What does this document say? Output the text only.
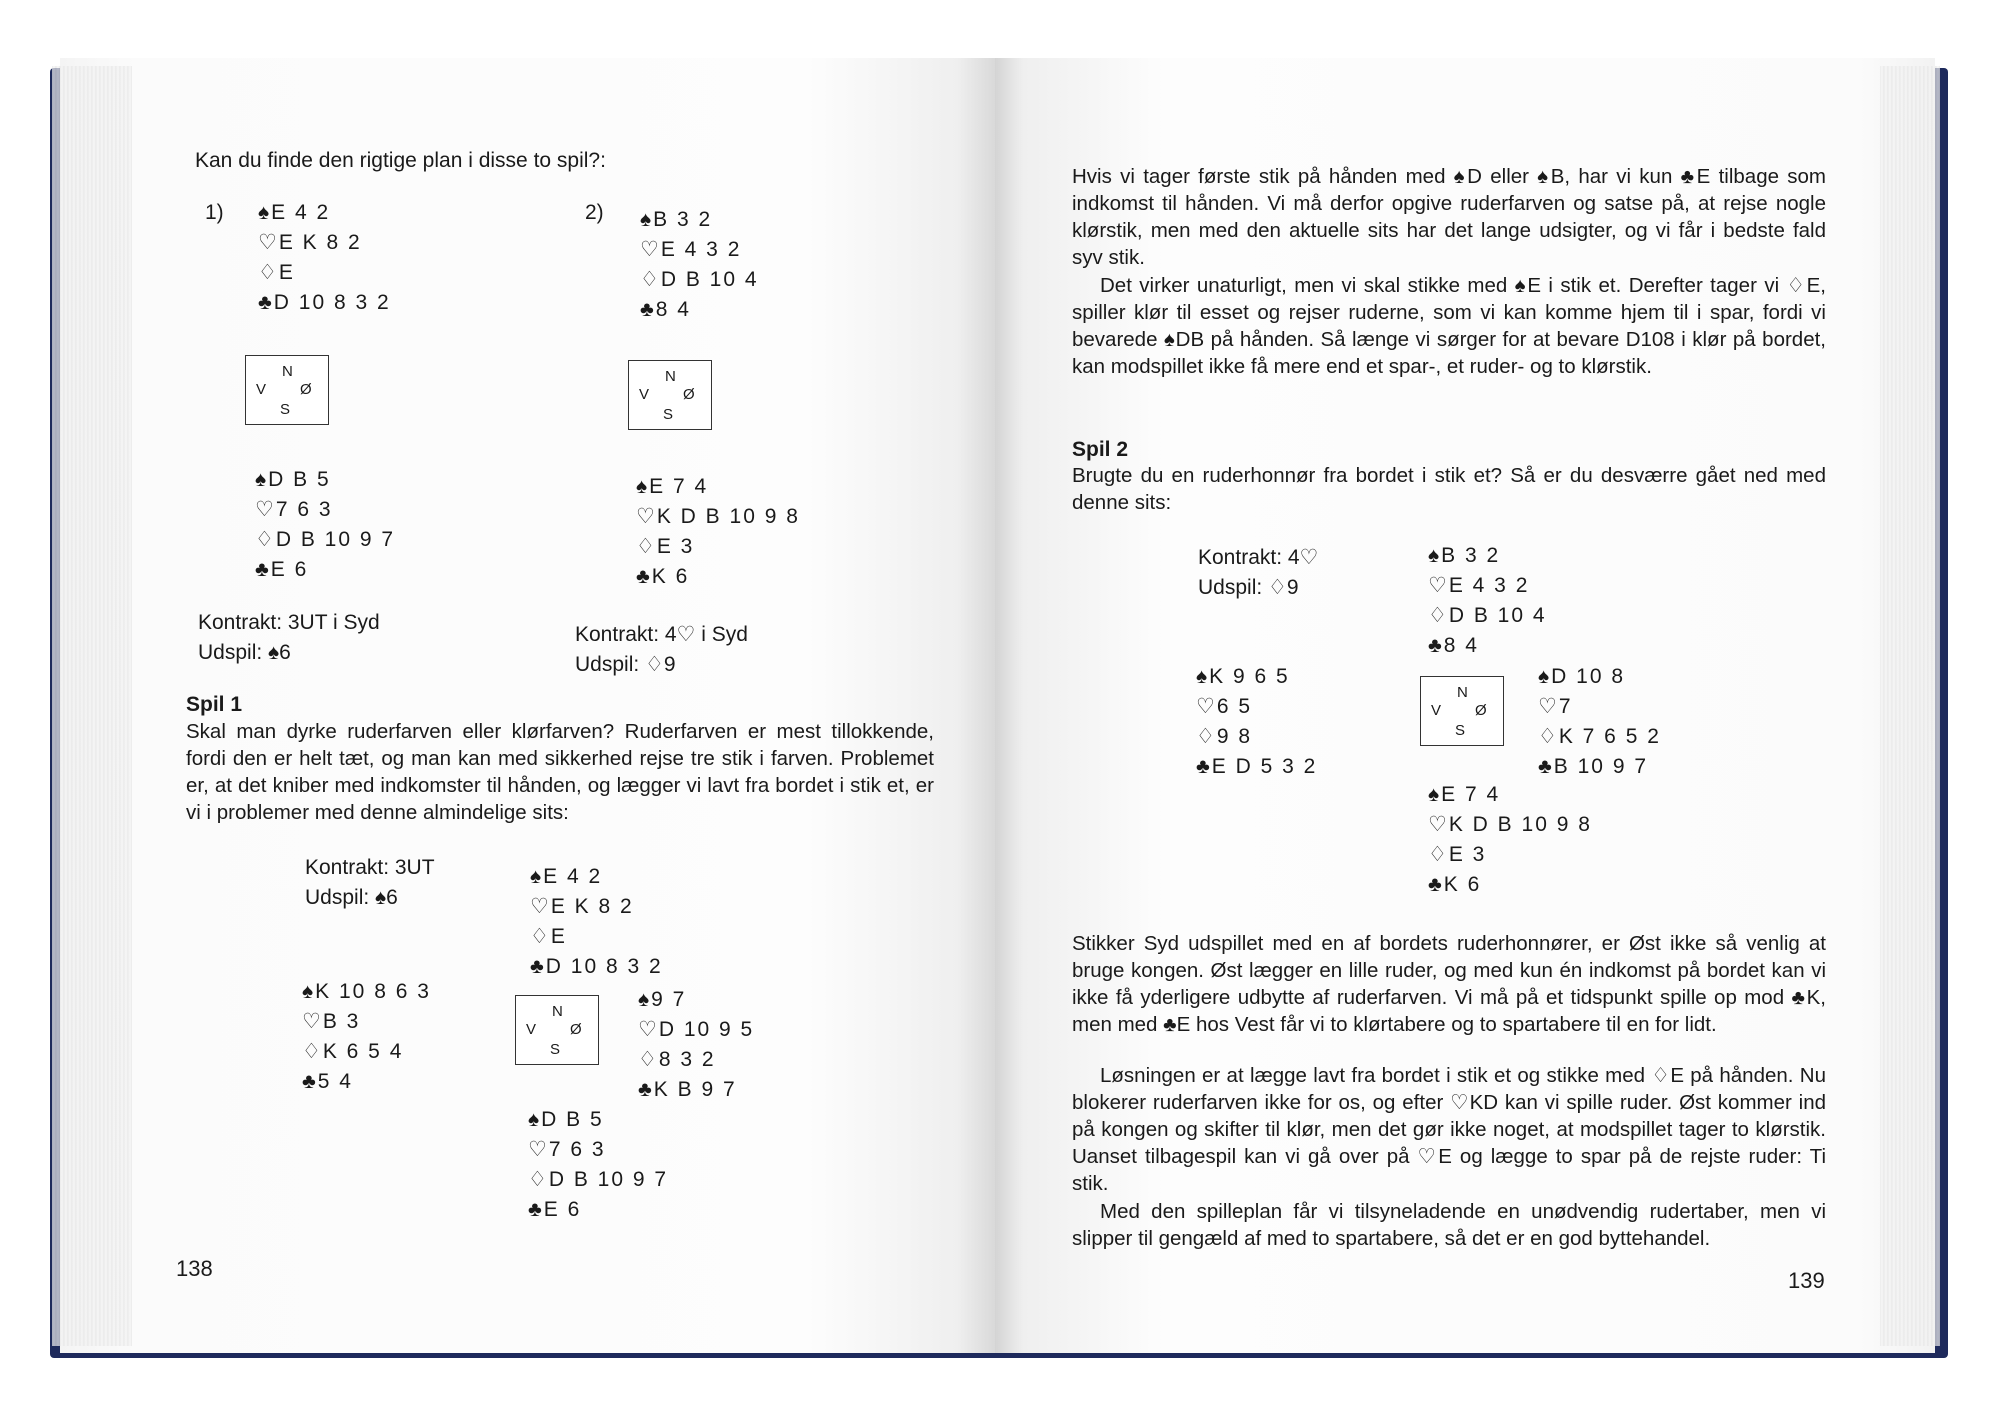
Kan du finde den rigtige plan i disse to spil?:
1) ♠E 4 2
♡E K 8 2
♢E
♣D 10 8 3 2
N
V Ø
S
♠D B 5
♡7 6 3
♢D B 10 9 7
♣E 6
Kontrakt: 3UT i Syd
Udspil: ♠6
2) ♠B 3 2
♡E 4 3 2
♢D B 10 4
♣8 4
N
V Ø
S
♠E 7 4
♡K D B 10 9 8
♢E 3
♣K 6
Kontrakt: 4♡ i Syd
Udspil: ♢9
Spil 1
Skal man dyrke ruderfarven eller klørfarven? Ruderfarven er mest tillokkende, fordi den er helt tæt, og man kan med sikkerhed rejse tre stik i farven. Problemet er, at det kniber med indkomster til hånden, og lægger vi lavt fra bordet i stik et, er vi i problemer med denne almindelige sits:
Kontrakt: 3UT
Udspil: ♠6
♠E 4 2
♡E K 8 2
♢E
♣D 10 8 3 2
♠K 10 8 6 3
♡B 3
♢K 6 5 4
♣5 4
N
V Ø
S
♠9 7
♡D 10 9 5
♢8 3 2
♣K B 9 7
♠D B 5
♡7 6 3
♢D B 10 9 7
♣E 6
138
Hvis vi tager første stik på hånden med ♠D eller ♠B, har vi kun ♣E tilbage som indkomst til hånden. Vi må derfor opgive ruderfarven og satse på, at rejse nogle klørstik, men med den aktuelle sits har det lange udsigter, og vi får i bedste fald syv stik.
Det virker unaturligt, men vi skal stikke med ♠E i stik et. Derefter tager vi ♢E, spiller klør til esset og rejser ruderne, som vi kan komme hjem til i spar, fordi vi bevarede ♠DB på hånden. Så længe vi sørger for at bevare D108 i klør på bordet, kan modspillet ikke få mere end et spar-, et ruder- og to klørstik.
Spil 2
Brugte du en ruderhonnør fra bordet i stik et? Så er du desværre gået ned med denne sits:
Kontrakt: 4♡
Udspil: ♢9
♠B 3 2
♡E 4 3 2
♢D B 10 4
♣8 4
♠K 9 6 5
♡6 5
♢9 8
♣E D 5 3 2
N
V Ø
S
♠D 10 8
♡7
♢K 7 6 5 2
♣B 10 9 7
♠E 7 4
♡K D B 10 9 8
♢E 3
♣K 6
Stikker Syd udspillet med en af bordets ruderhonnører, er Øst ikke så venlig at bruge kongen. Øst lægger en lille ruder, og med kun én indkomst på bordet kan vi ikke få yderligere udbytte af ruderfarven. Vi må på et tidspunkt spille op mod ♣K, men med ♣E hos Vest får vi to klørtabere og to spartabere til en for lidt.
Løsningen er at lægge lavt fra bordet i stik et og stikke med ♢E på hånden. Nu blokerer ruderfarven ikke for os, og efter ♡KD kan vi spille ruder. Øst kommer ind på kongen og skifter til klør, men det gør ikke noget, at modspillet tager to klørstik. Uanset tilbagespil kan vi gå over på ♡E og lægge to spar på de rejste ruder: Ti stik.
Med den spilleplan får vi tilsyneladende en unødvendig rudertaber, men vi slipper til gengæld af med to spartabere, så det er en god byttehandel.
139
